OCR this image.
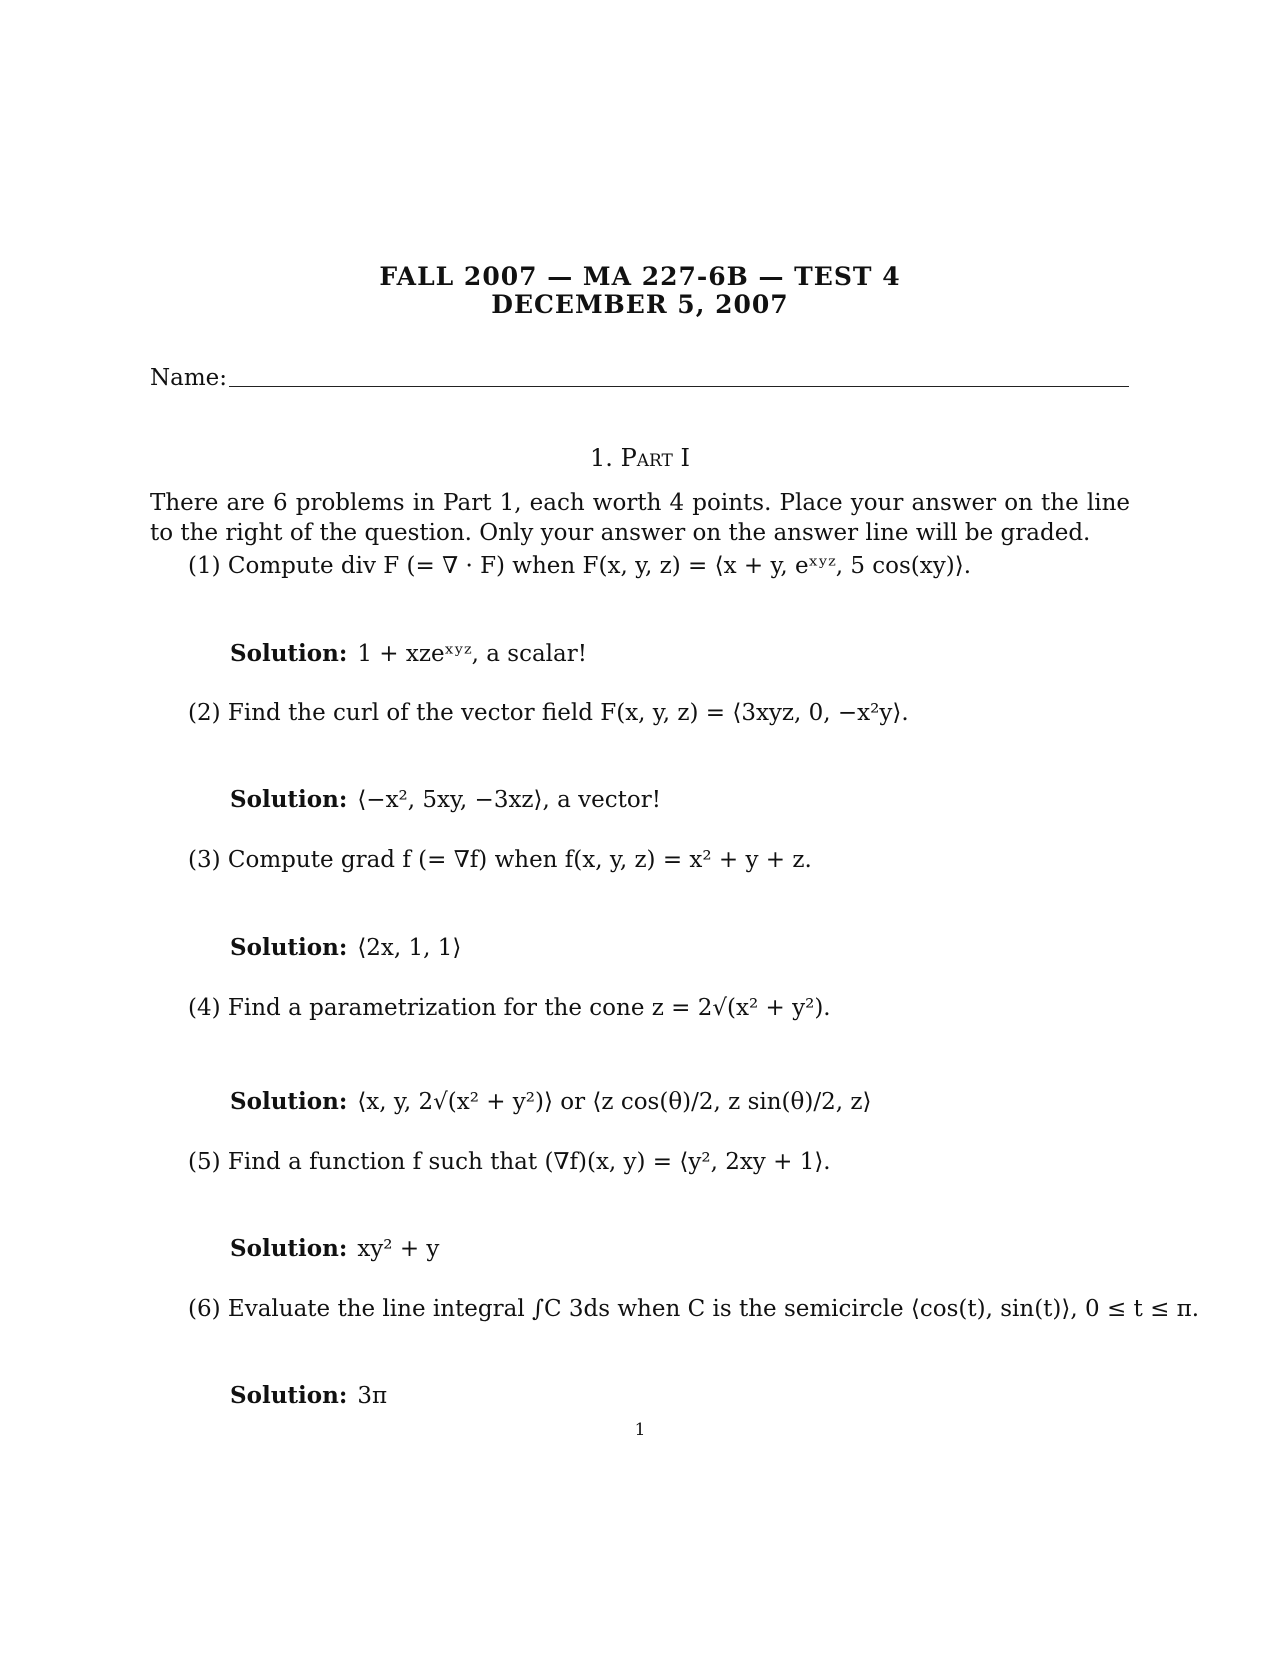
FALL 2007 — MA 227-6B — TEST 4
DECEMBER 5, 2007
Name:
1. Part I
There are 6 problems in Part 1, each worth 4 points. Place your answer on the line to the right of the question. Only your answer on the answer line will be graded.
(1) Compute div F (= ∇ · F) when F(x, y, z) = ⟨x + y, eˣʸᶻ, 5 cos(xy)⟩.
Solution: 1 + xzeˣʸᶻ, a scalar!
(2) Find the curl of the vector field F(x, y, z) = ⟨3xyz, 0, −x²y⟩.
Solution: ⟨−x², 5xy, −3xz⟩, a vector!
(3) Compute grad f (= ∇f) when f(x, y, z) = x² + y + z.
Solution: ⟨2x, 1, 1⟩
(4) Find a parametrization for the cone z = 2√(x² + y²).
Solution: ⟨x, y, 2√(x² + y²)⟩ or ⟨z cos(θ)/2, z sin(θ)/2, z⟩
(5) Find a function f such that (∇f)(x, y) = ⟨y², 2xy + 1⟩.
Solution: xy² + y
(6) Evaluate the line integral ∫C 3ds when C is the semicircle ⟨cos(t), sin(t)⟩, 0 ≤ t ≤ π.
Solution: 3π
1
